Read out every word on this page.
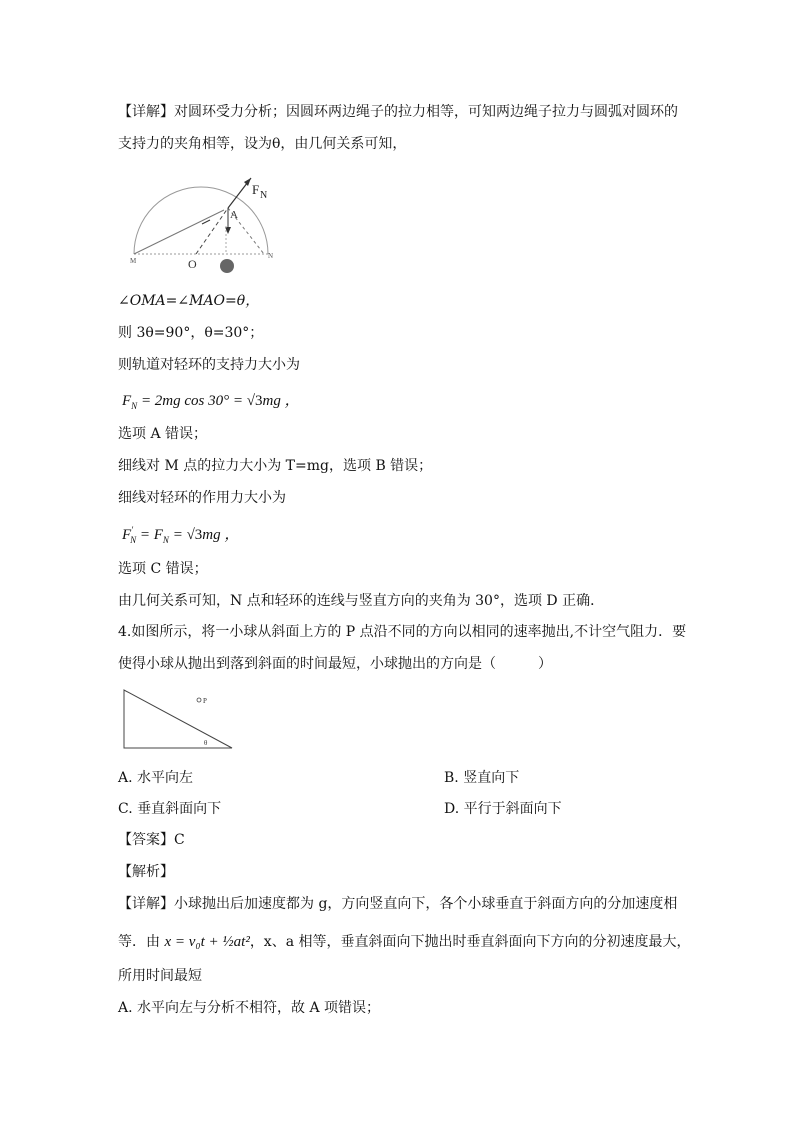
【详解】对圆环受力分析；因圆环两边绳子的拉力相等，可知两边绳子拉力与圆弧对圆环的
支持力的夹角相等，设为θ，由几何关系可知，
F N
A
O
M
N
∠OMA=∠MAO=θ，
则 3θ=90°，θ=30°；
则轨道对轻环的支持力大小为
$F_N = 2mg$ cos 30° = √3mg ，
选项 A 错误；
细线对 M 点的拉力大小为 T=mg，选项 B 错误；
细线对轻环的作用力大小为
$F'_N = F_N = √3mg$ ，
选项 C 错误；
由几何关系可知，N 点和轻环的连线与竖直方向的夹角为 30°，选项 D 正确．
4.如图所示，将一小球从斜面上方的 P 点沿不同的方向以相同的速率抛出,不计空气阻力．要
使得小球从抛出到落到斜面的时间最短，小球抛出的方向是（　　　）
P
θ
A. 水平向左	B. 竖直向下
C. 垂直斜面向下	D. 平行于斜面向下
【答案】C
【解析】
【详解】小球抛出后加速度都为 g，方向竖直向下，各个小球垂直于斜面方向的分加速度相
等．由 x = v₀t + ½at²，x、a 相等，垂直斜面向下抛出时垂直斜面向下方向的分初速度最大，
所用时间最短
A. 水平向左与分析不相符，故 A 项错误；
